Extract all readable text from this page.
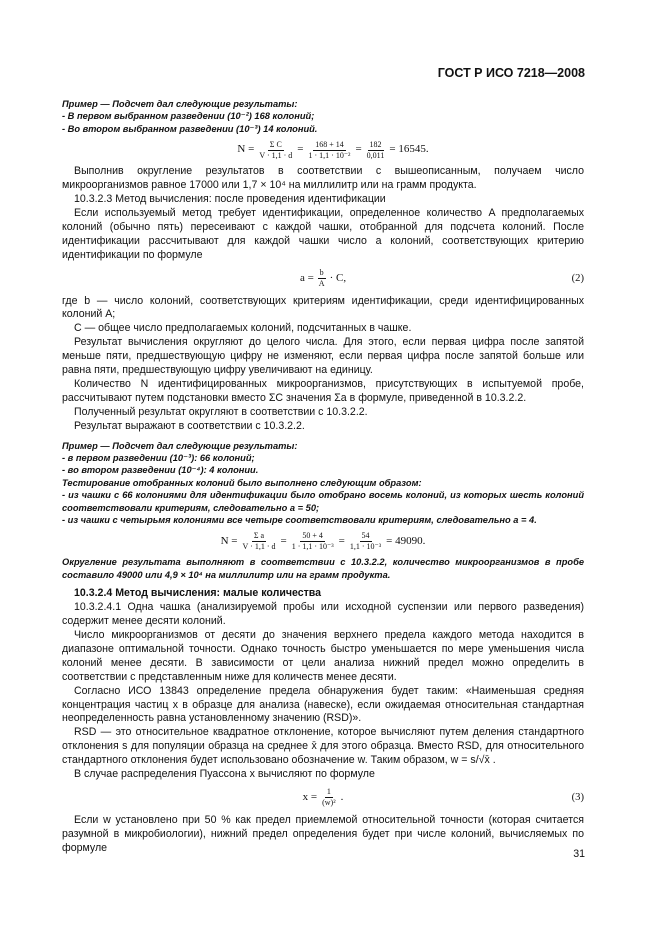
ГОСТ Р ИСО 7218—2008

Пример — Подсчет дал следующие результаты:

- В первом выбранном разведении (10⁻²) 168 колоний;

- Во втором выбранном разведении (10⁻³) 14 колоний.

$N = \frac{\text{Σ C}}{V \cdot 1,1 \cdot d} = \frac{168 + 14}{\text{1 · 1,1 · 10⁻²}} = \frac{182}{0,011} = 16545$.

Выполнив округление результатов в соответствии с вышеописанным, получаем число микроорганизмов равное 17000 или 1,7 × 10⁴ на миллилитр или на грамм продукта.

10.3.2.3 Метод вычисления: после проведения идентификации

Если используемый метод требует идентификации, определенное количество A предполагаемых колоний (обычно пять) пересеивают с каждой чашки, отобранной для подсчета колоний. После идентификации рассчитывают для каждой чашки число a колоний, соответствующих критерию идентификации по формуле

$a = \frac{b}{A} \cdot C$,	(2)

где b — число колоний, соответствующих критериям идентификации, среди идентифицированных колоний A;

C — общее число предполагаемых колоний, подсчитанных в чашке.

Результат вычисления округляют до целого числа. Для этого, если первая цифра после запятой меньше пяти, предшествующую цифру не изменяют, если первая цифра после запятой больше или равна пяти, предшествующую цифру увеличивают на единицу.

Количество N идентифицированных микроорганизмов, присутствующих в испытуемой пробе, рассчитывают путем подстановки вместо ΣC значения Σa в формуле, приведенной в 10.3.2.2.

Полученный результат округляют в соответствии с 10.3.2.2.

Результат выражают в соответствии с 10.3.2.2.

Пример — Подсчет дал следующие результаты:

- в первом разведении (10⁻³): 66 колоний;

- во втором разведении (10⁻⁴): 4 колонии.

Тестирование отобранных колоний было выполнено следующим образом:

- из чашки с 66 колониями для идентификации было отобрано восемь колоний, из которых шесть колоний соответствовали критериям, следовательно a = 50;

- из чашки с четырьмя колониями все четыре соответствовали критериям, следовательно a = 4.

$N = \frac{\text{Σ a}}{V \cdot 1,1 \cdot d} = \frac{50 + 4}{\text{1 · 1,1 · 10⁻³}} = \frac{54}{\text{1,1 · 10⁻³}} = 49090$.

Округление результата выполняют в соответствии с 10.3.2.2, количество микроорганизмов в пробе составило 49000 или 4,9 × 10⁴ на миллилитр или на грамм продукта.

10.3.2.4 Метод вычисления: малые количества

10.3.2.4.1 Одна чашка (анализируемой пробы или исходной суспензии или первого разведения) содержит менее десяти колоний.

Число микроорганизмов от десяти до значения верхнего предела каждого метода находится в диапазоне оптимальной точности. Однако точность быстро уменьшается по мере уменьшения числа колоний менее десяти. В зависимости от цели анализа нижний предел можно определить в соответствии с представленным ниже для количеств менее десяти.

Согласно ИСО 13843 определение предела обнаружения будет таким: «Наименьшая средняя концентрация частиц x в образце для анализа (навеске), если ожидаемая относительная стандартная неопределенность равна установленному значению (RSD)».

RSD — это относительное квадратное отклонение, которое вычисляют путем деления стандартного отклонения s для популяции образца на среднее x̄ для этого образца. Вместо RSD, для относительного стандартного отклонения будет использовано обозначение w. Таким образом, w = s/√x̄ .

В случае распределения Пуассона x вычисляют по формуле

$x = \frac{1}{\text{(w)²}}$ .	(3)

Если w установлено при 50 % как предел приемлемой относительной точности (которая считается разумной в микробиологии), нижний предел определения будет при числе колоний, вычисляемых по формуле

31
